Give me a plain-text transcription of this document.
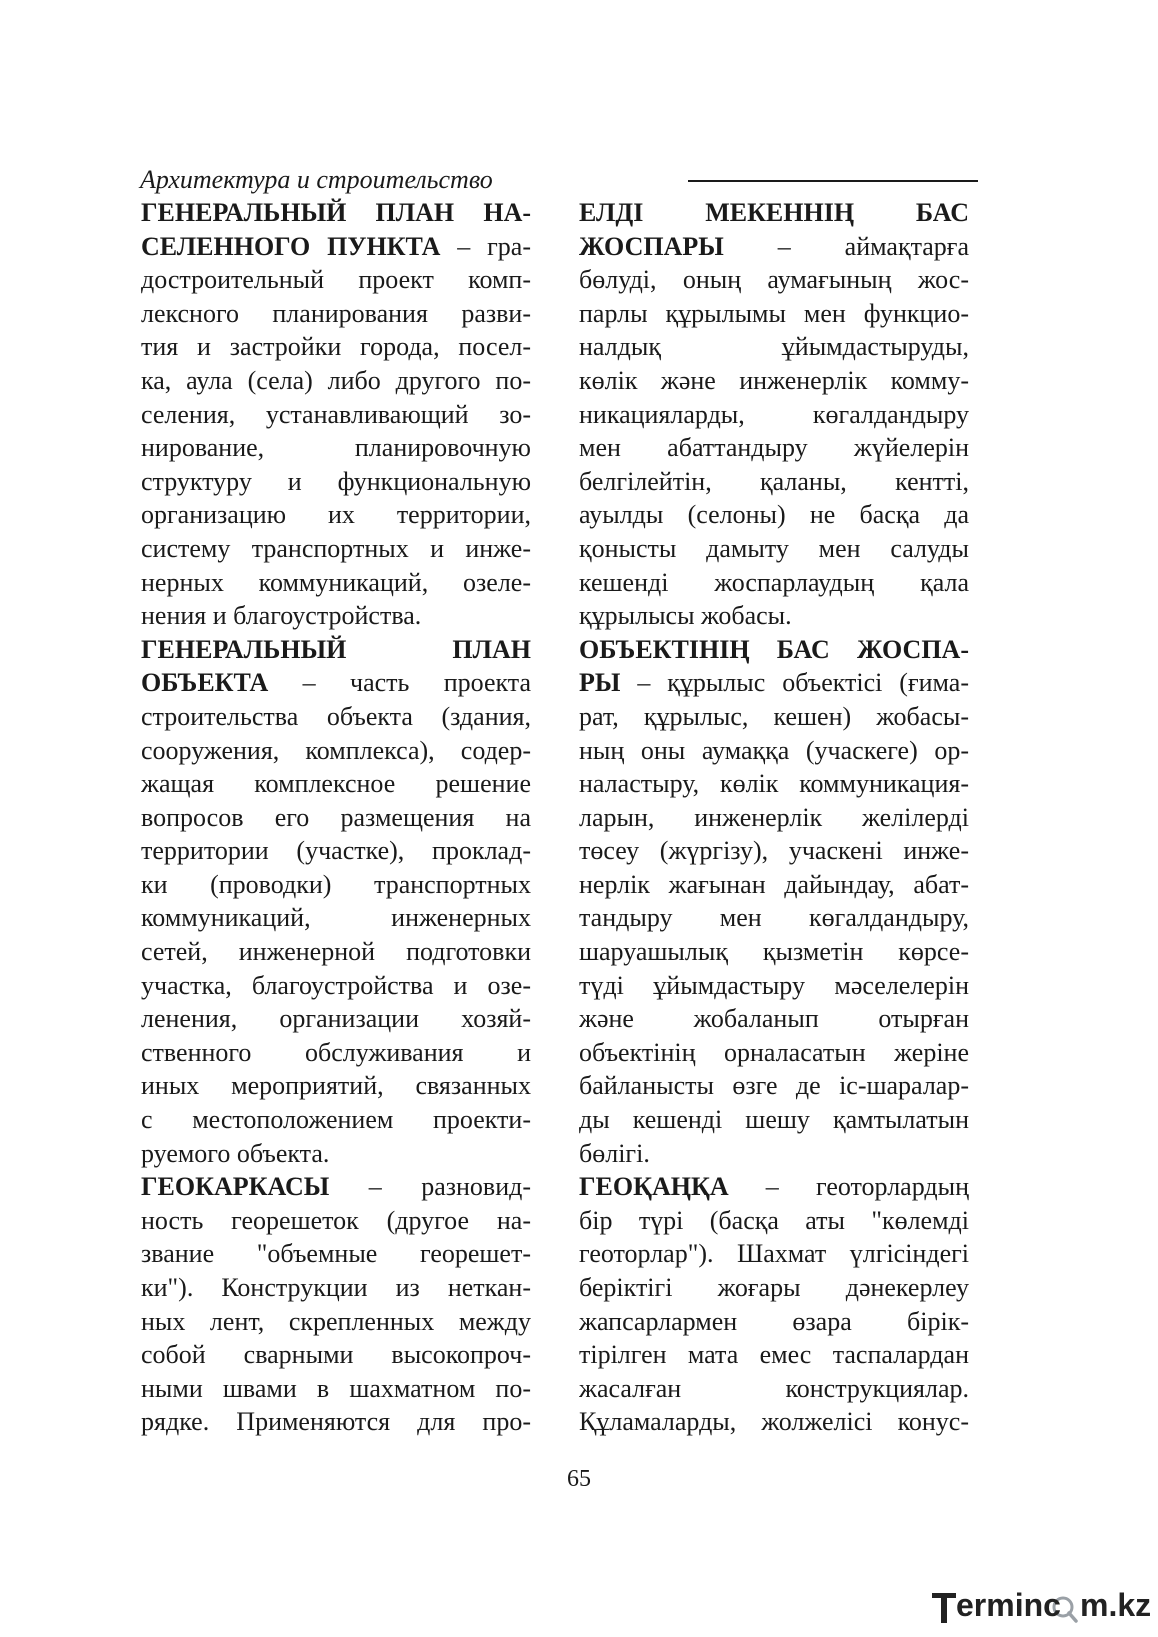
Архитектура и строительство
ГЕНЕРАЛЬНЫЙ ПЛАН НА-
СЕЛЕННОГО ПУНКТА – гра-
достроительный проект комп-
лексного планирования разви-
тия и застройки города, посел-
ка, аула (села) либо другого по-
селения, устанавливающий зо-
нирование, планировочную
структуру и функциональную
организацию их территории,
систему транспортных и инже-
нерных коммуникаций, озеле-
нения и благоустройства.
ГЕНЕРАЛЬНЫЙ ПЛАН
ОБЪЕКТА – часть проекта
строительства объекта (здания,
сооружения, комплекса), содер-
жащая комплексное решение
вопросов его размещения на
территории (участке), проклад-
ки (проводки) транспортных
коммуникаций, инженерных
сетей, инженерной подготовки
участка, благоустройства и озе-
ленения, организации хозяй-
ственного обслуживания и
иных мероприятий, связанных
с местоположением проекти-
руемого объекта.
ГЕОКАРКАСЫ – разновид-
ность георешеток (другое на-
звание "объемные георешет-
ки"). Конструкции из неткан-
ных лент, скрепленных между
собой сварными высокопроч-
ными швами в шахматном по-
рядке. Применяются для про-
ЕЛДІ МЕКЕННІҢ БАС
ЖОСПАРЫ – аймақтарға
бөлуді, оның аумағының жос-
парлы құрылымы мен функцио-
налдық ұйымдастыруды,
көлік және инженерлік комму-
никацияларды, көгалдандыру
мен абаттандыру жүйелерін
белгілейтін, қаланы, кентті,
ауылды (селоны) не басқа да
қонысты дамыту мен салуды
кешенді жоспарлаудың қала
құрылысы жобасы.
ОБЪЕКТІНІҢ БАС ЖОСПА-
РЫ – құрылыс объектісі (ғима-
рат, құрылыс, кешен) жобасы-
ның оны аумаққа (учаскеге) ор-
наластыру, көлік коммуникация-
ларын, инженерлік желілерді
төсеу (жүргізу), учаскені инже-
нерлік жағынан дайындау, абат-
тандыру мен көгалдандыру,
шаруашылық қызметін көрсе-
түді ұйымдастыру мәселелерін
және жобаланып отырған
объектінің орналасатын жеріне
байланысты өзге де іс-шаралар-
ды кешенді шешу қамтылатын
бөлігі.
ГЕОҚАҢҚА – геоторлардың
бір түрі (басқа аты "көлемді
геоторлар"). Шахмат үлгісіндегі
беріктігі жоғары дәнекерлеу
жапсарлармен өзара бірік-
тірілген мата емес таспалардан
жасалған конструкциялар.
Құламаларды, жолжелісі конус-
65
erminc m.kz
